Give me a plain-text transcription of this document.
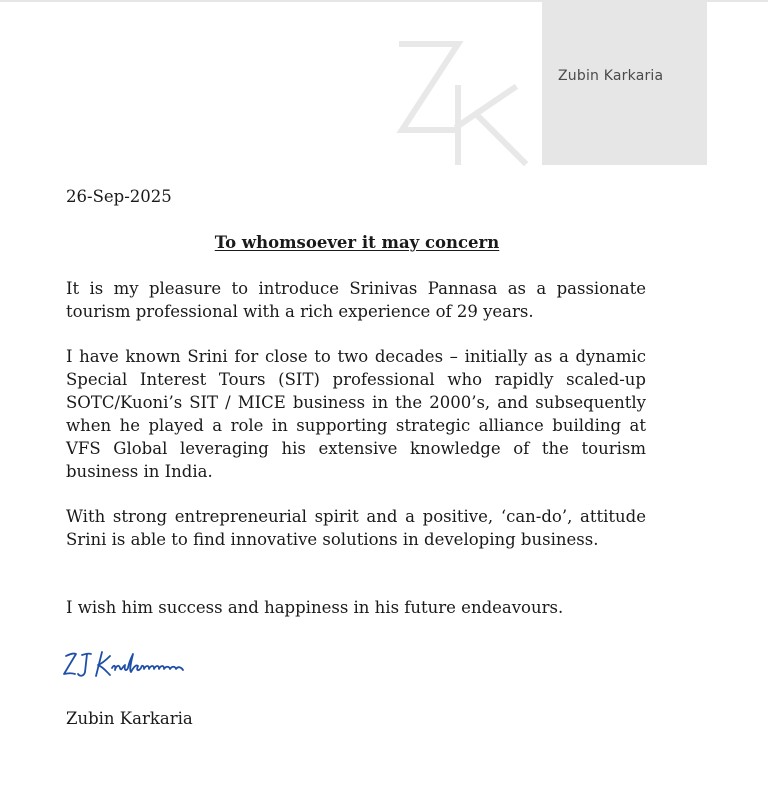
Zubin Karkaria
26-Sep-2025
To whomsoever it may concern

It is my pleasure to introduce Srinivas Pannasa as a passionate tourism professional with a rich experience of 29 years.

I have known Srini for close to two decades – initially as a dynamic Special Interest Tours (SIT) professional who rapidly scaled-up SOTC/Kuoni’s SIT / MICE business in the 2000’s, and subsequently when he played a role in supporting strategic alliance building at VFS Global leveraging his extensive knowledge of the tourism business in India.

With strong entrepreneurial spirit and a positive, ‘can-do’, attitude Srini is able to find innovative solutions in developing business.

I wish him success and happiness in his future endeavours.

Zubin Karkaria
